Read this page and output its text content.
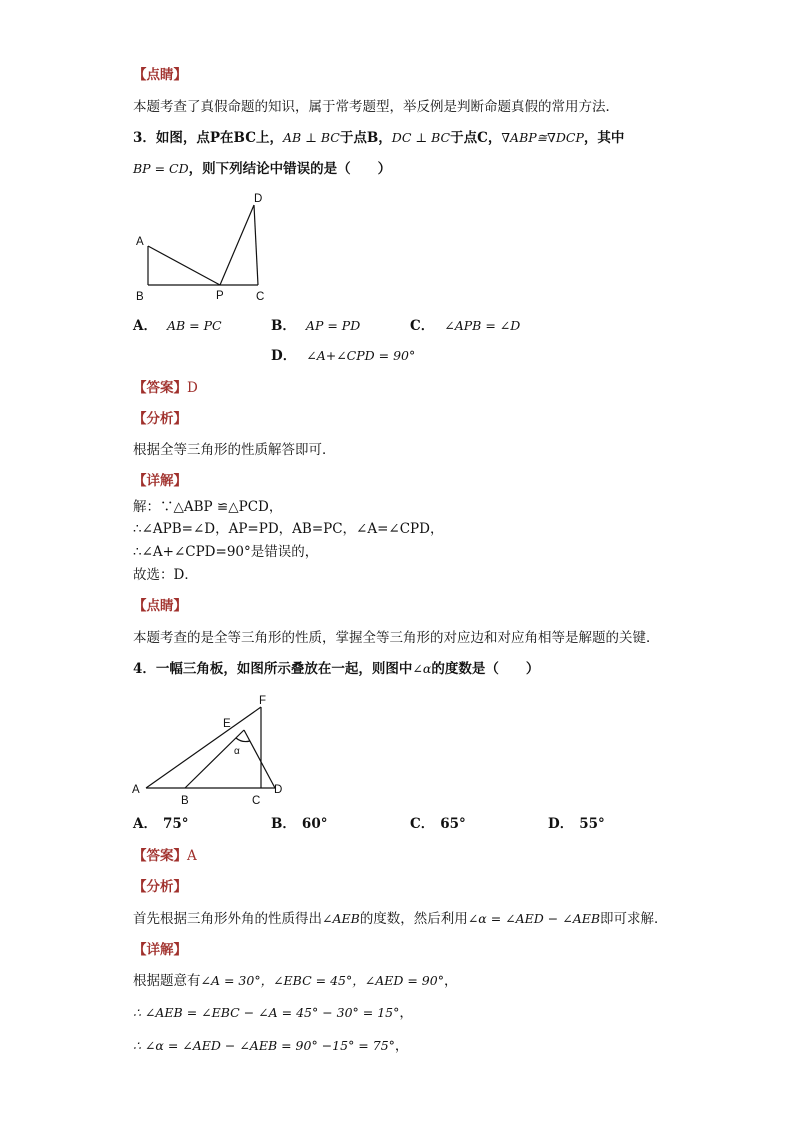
【点睛】
本题考查了真假命题的知识，属于常考题型，举反例是判断命题真假的常用方法．
3．如图，点P在BC上，AB ⊥ BC于点B，DC ⊥ BC于点C，∇ABP≅∇DCP，其中
BP = CD，则下列结论中错误的是（　　）
A
B	P	C
D
A． AB = PC	B． AP = PD	C． ∠APB = ∠D
D． ∠A+∠CPD = 90°
【答案】D
【分析】
根据全等三角形的性质解答即可．
【详解】
解：∵△ABP ≌△PCD，
∴∠APB=∠D，AP=PD，AB=PC，∠A=∠CPD，
∴∠A+∠CPD=90°是错误的，
故选：D．
【点睛】
本题考查的是全等三角形的性质，掌握全等三角形的对应边和对应角相等是解题的关键．
4．一幅三角板，如图所示叠放在一起，则图中∠α的度数是（　　）
A
B	C
D
E
F
α
A． 75°	B． 60°	C． 65°	D． 55°
【答案】A
【分析】
首先根据三角形外角的性质得出∠AEB的度数，然后利用∠α = ∠AED − ∠AEB即可求解．
【详解】
根据题意有∠A = 30°，∠EBC = 45°，∠AED = 90°，
∴ ∠AEB = ∠EBC − ∠A = 45° − 30° = 15°，
∴ ∠α = ∠AED − ∠AEB = 90° −15° = 75°，
